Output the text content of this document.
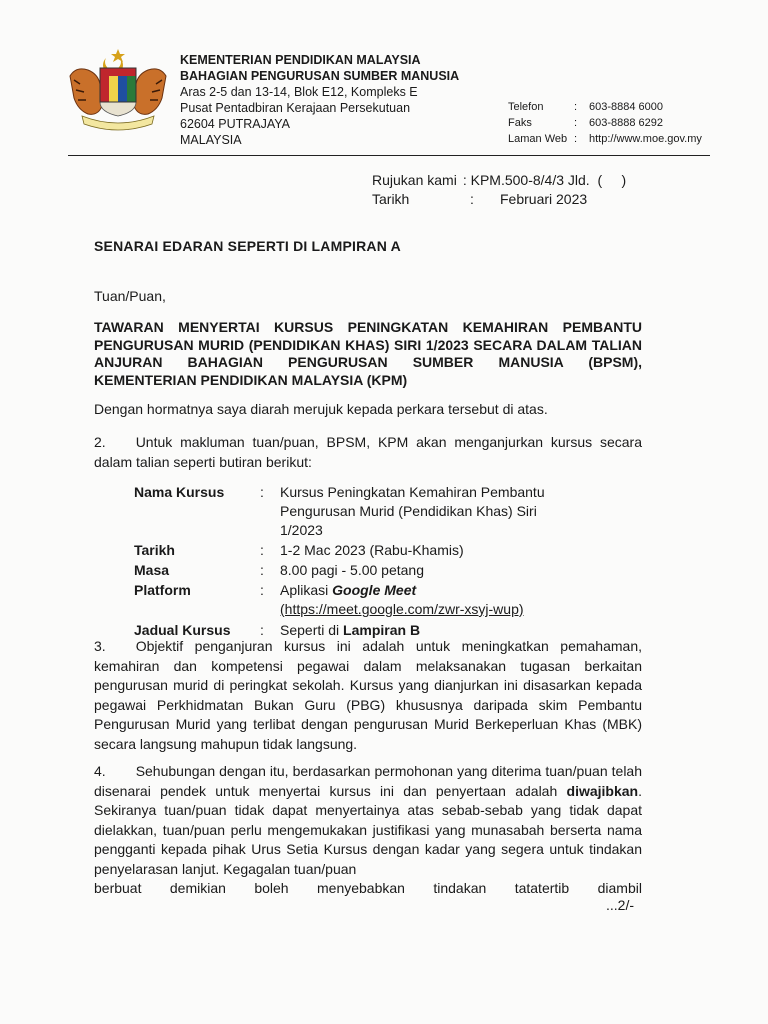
KEMENTERIAN PENDIDIKAN MALAYSIA
BAHAGIAN PENGURUSAN SUMBER MANUSIA
Aras 2-5 dan 13-14, Blok E12, Kompleks E
Pusat Pentadbiran Kerajaan Persekutuan
62604 PUTRAJAYA
MALAYSIA
Telefon	:	603-8884 6000
Faks	:	603-8888 6292
Laman Web :	http://www.moe.gov.my
Rujukan kami : KPM.500-8/4/3 Jld.  (     )
Tarikh	:	Februari 2023
SENARAI EDARAN SEPERTI DI LAMPIRAN A
Tuan/Puan,
TAWARAN MENYERTAI KURSUS PENINGKATAN KEMAHIRAN PEMBANTU PENGURUSAN MURID (PENDIDIKAN KHAS) SIRI 1/2023 SECARA DALAM TALIAN ANJURAN BAHAGIAN PENGURUSAN SUMBER MANUSIA (BPSM), KEMENTERIAN PENDIDIKAN MALAYSIA (KPM)
Dengan hormatnya saya diarah merujuk kepada perkara tersebut di atas.
2. Untuk makluman tuan/puan, BPSM, KPM akan menganjurkan kursus secara dalam talian seperti butiran berikut:
Nama Kursus	:	Kursus Peningkatan Kemahiran Pembantu
Pengurusan Murid (Pendidikan Khas) Siri 1/2023
Tarikh	:	1-2 Mac 2023 (Rabu-Khamis)
Masa	:	8.00 pagi - 5.00 petang
Platform	:	Aplikasi Google Meet
(https://meet.google.com/zwr-xsyj-wup)
Jadual Kursus	:	Seperti di Lampiran B
3. Objektif penganjuran kursus ini adalah untuk meningkatkan pemahaman, kemahiran dan kompetensi pegawai dalam melaksanakan tugasan berkaitan pengurusan murid di peringkat sekolah. Kursus yang dianjurkan ini disasarkan kepada pegawai Perkhidmatan Bukan Guru (PBG) khususnya daripada skim Pembantu Pengurusan Murid yang terlibat dengan pengurusan Murid Berkeperluan Khas (MBK) secara langsung mahupun tidak langsung.
4. Sehubungan dengan itu, berdasarkan permohonan yang diterima tuan/puan telah disenarai pendek untuk menyertai kursus ini dan penyertaan adalah diwajibkan. Sekiranya tuan/puan tidak dapat menyertainya atas sebab-sebab yang tidak dapat dielakkan, tuan/puan perlu mengemukakan justifikasi yang munasabah berserta nama pengganti kepada pihak Urus Setia Kursus dengan kadar yang segera untuk tindakan penyelarasan lanjut. Kegagalan tuan/puan
berbuat demikian boleh menyebabkan tindakan tatatertib diambil
...2/-
